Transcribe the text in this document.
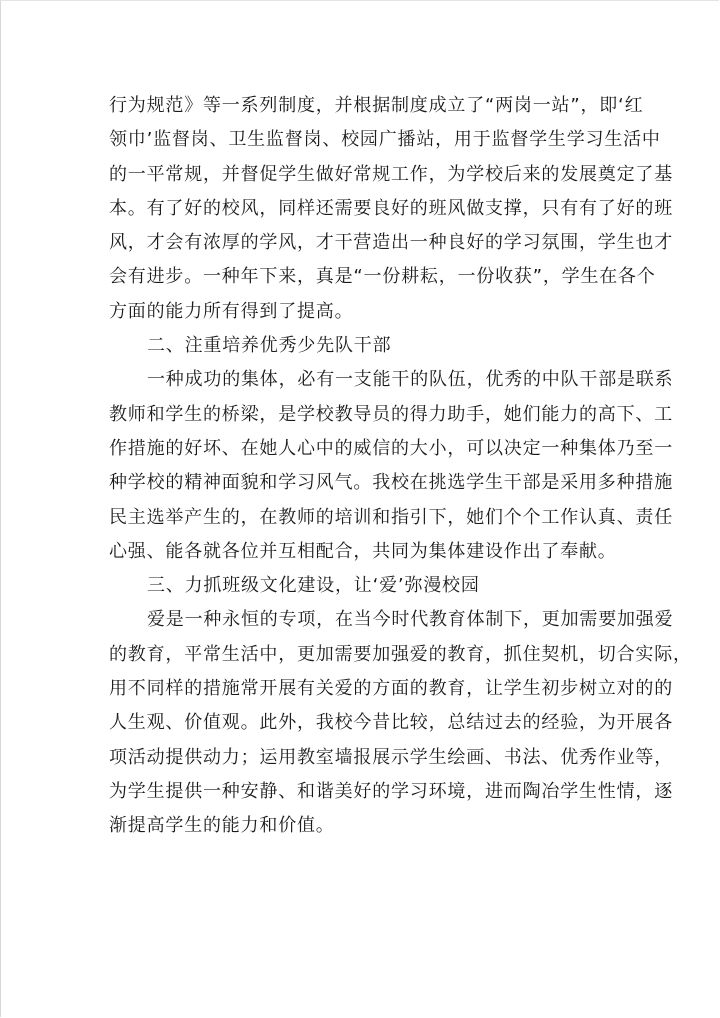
行为规范》等一系列制度，并根据制度成立了“两岗一站”，即‘红
领巾’监督岗、卫生监督岗、校园广播站，用于监督学生学习生活中
的一平常规，并督促学生做好常规工作，为学校后来的发展奠定了基
本。有了好的校风，同样还需要良好的班风做支撑，只有有了好的班
风，才会有浓厚的学风，才干营造出一种良好的学习氛围，学生也才
会有进步。一种年下来，真是“一份耕耘，一份收获”，学生在各个
方面的能力所有得到了提高。
二、注重培养优秀少先队干部
一种成功的集体，必有一支能干的队伍，优秀的中队干部是联系
教师和学生的桥梁，是学校教导员的得力助手，她们能力的高下、工
作措施的好坏、在她人心中的威信的大小，可以决定一种集体乃至一
种学校的精神面貌和学习风气。我校在挑选学生干部是采用多种措施
民主选举产生的，在教师的培训和指引下，她们个个工作认真、责任
心强、能各就各位并互相配合，共同为集体建设作出了奉献。
三、力抓班级文化建设，让‘爱’弥漫校园
爱是一种永恒的专项，在当今时代教育体制下，更加需要加强爱
的教育，平常生活中，更加需要加强爱的教育，抓住契机，切合实际，
用不同样的措施常开展有关爱的方面的教育，让学生初步树立对的的
人生观、价值观。此外，我校今昔比较，总结过去的经验，为开展各
项活动提供动力；运用教室墙报展示学生绘画、书法、优秀作业等，
为学生提供一种安静、和谐美好的学习环境，进而陶冶学生性情，逐
渐提高学生的能力和价值。
